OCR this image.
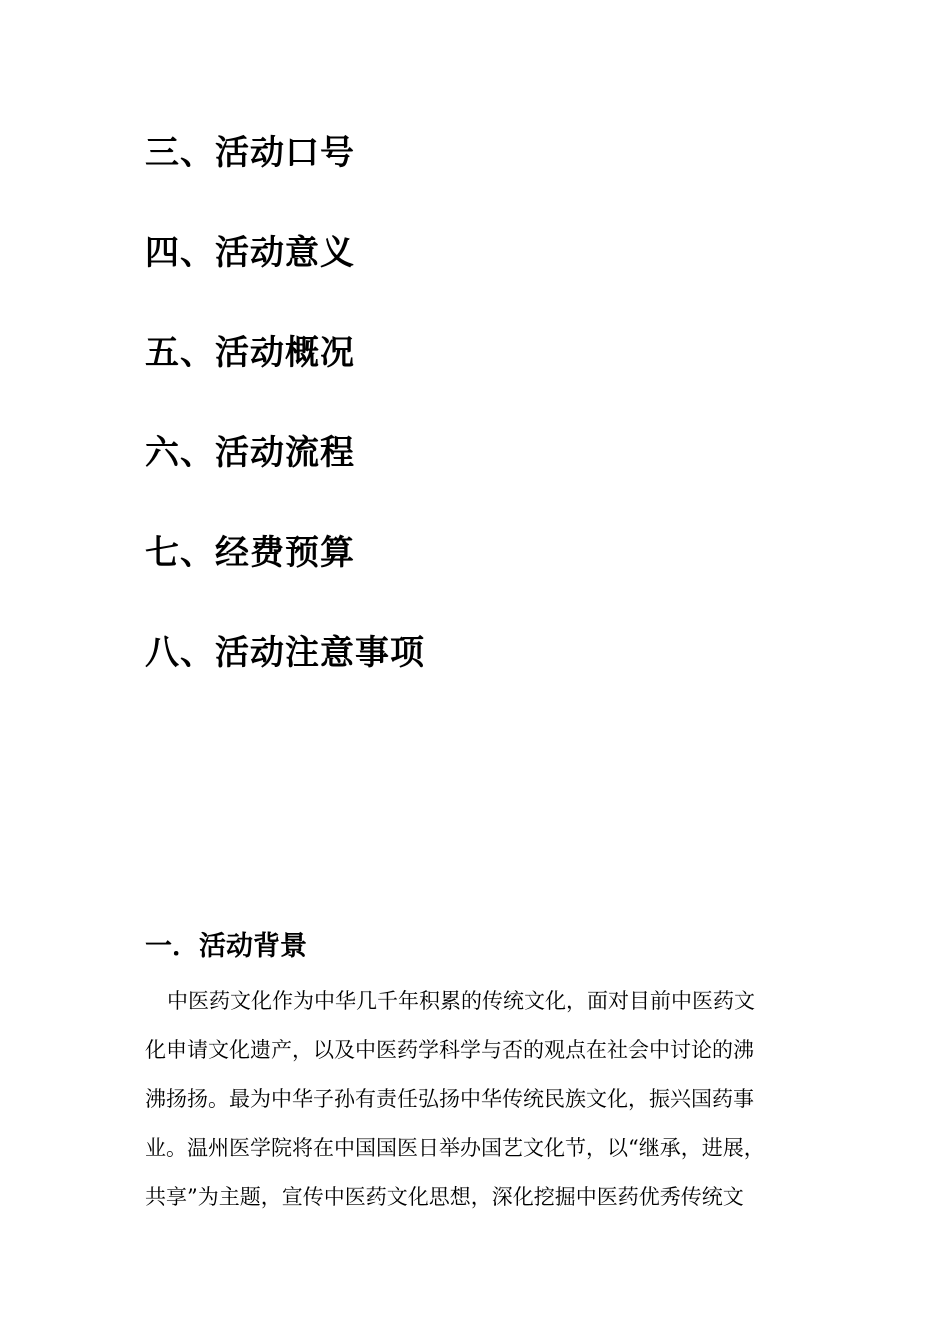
三、活动口号

四、活动意义

五、活动概况

六、活动流程

七、经费预算

八、活动注意事项

一．活动背景
中医药文化作为中华几千年积累的传统文化，面对目前中医药文
化申请文化遗产，以及中医药学科学与否的观点在社会中讨论的沸
沸扬扬。最为中华子孙有责任弘扬中华传统民族文化，振兴国药事
业。温州医学院将在中国国医日举办国艺文化节，以“继承，进展，
共享”为主题，宣传中医药文化思想，深化挖掘中医药优秀传统文
